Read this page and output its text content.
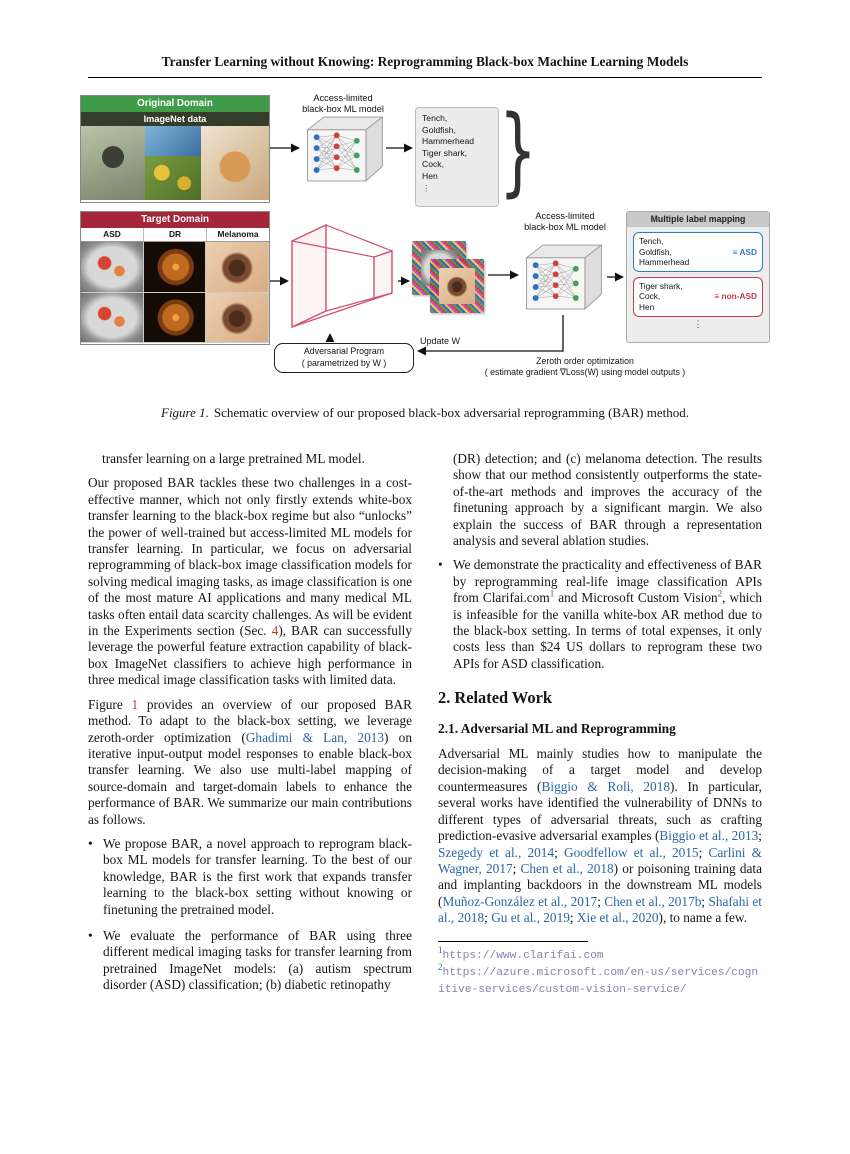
Transfer Learning without Knowing: Reprogramming Black-box Machine Learning Models
Original Domain
ImageNet data
Access-limited
black-box ML model
Tench,
Goldfish,
Hammerhead
Tiger shark,
Cock,
Hen
⋮ }
Target Domain
ASD	DR	Melanoma
Access-limited
black-box ML model
Multiple label mapping
Tench,
Goldfish,
Hammerhead
≡ ASD
Tiger shark,
Cock,
Hen
≡ non-ASD
⋮
Adversarial Program
( parametrized by W )
Update W
Zeroth order optimization
( estimate gradient ∇Loss(W) using model outputs )
Figure 1. Schematic overview of our proposed black-box adversarial reprogramming (BAR) method.

transfer learning on a large pretrained ML model.

Our proposed BAR tackles these two challenges in a cost-effective manner, which not only firstly extends white-box transfer learning to the black-box regime but also “unlocks” the power of well-trained but access-limited ML models for transfer learning. In particular, we focus on adversarial reprogramming of black-box image classification models for solving medical imaging tasks, as image classification is one of the most mature AI applications and many medical ML tasks often entail data scarcity challenges. As will be evident in the Experiments section (Sec. 4), BAR can successfully leverage the powerful feature extraction capability of black-box ImageNet classifiers to achieve high performance in three medical image classification tasks with limited data.

Figure 1 provides an overview of our proposed BAR method. To adapt to the black-box setting, we leverage zeroth-order optimization (Ghadimi & Lan, 2013) on iterative input-output model responses to enable black-box transfer learning. We also use multi-label mapping of source-domain and target-domain labels to enhance the performance of BAR. We summarize our main contributions as follows.

• We propose BAR, a novel approach to reprogram black-box ML models for transfer learning. To the best of our knowledge, BAR is the first work that expands transfer learning to the black-box setting without knowing or finetuning the pretrained model.
• We evaluate the performance of BAR using three different medical imaging tasks for transfer learning from pretrained ImageNet models: (a) autism spectrum disorder (ASD) classification; (b) diabetic retinopathy

(DR) detection; and (c) melanoma detection. The results show that our method consistently outperforms the state-of-the-art methods and improves the accuracy of the finetuning approach by a significant margin. We also explain the success of BAR through a representation analysis and several ablation studies.

• We demonstrate the practicality and effectiveness of BAR by reprogramming real-life image classification APIs from Clarifai.com$^1$ and Microsoft Custom Vision$^2$, which is infeasible for the vanilla white-box AR method due to the black-box setting. In terms of total expenses, it only costs less than $24 US dollars to reprogram these two APIs for ASD classification.
2. Related Work
2.1. Adversarial ML and Reprogramming

Adversarial ML mainly studies how to manipulate the decision-making of a target model and develop countermeasures (Biggio & Roli, 2018). In particular, several works have identified the vulnerability of DNNs to different types of adversarial threats, such as crafting prediction-evasive adversarial examples (Biggio et al., 2013; Szegedy et al., 2014; Goodfellow et al., 2015; Carlini & Wagner, 2017; Chen et al., 2018) or poisoning training data and implanting backdoors in the downstream ML models (Muñoz-González et al., 2017; Chen et al., 2017b; Shafahi et al., 2018; Gu et al., 2019; Xie et al., 2020), to name a few.

$^1$https://www.clarifai.com
$^2$https://azure.microsoft.com/en-us/services/cognitive-services/custom-vision-service/
